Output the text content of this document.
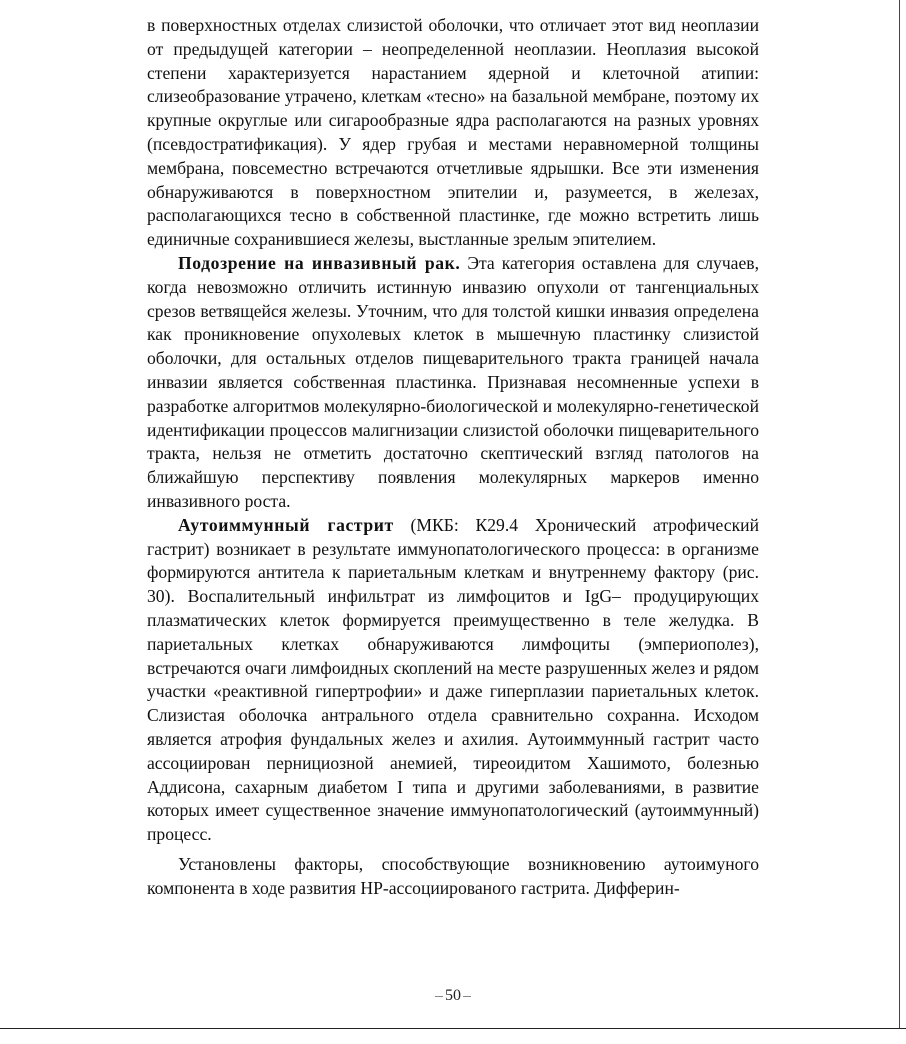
в поверхностных отделах слизистой оболочки, что отличает этот вид неоплазии от предыдущей категории – неопределенной неоплазии. Неоплазия высокой степени характеризуется нарастанием ядерной и клеточной атипии: слизеобразование утрачено, клеткам «тесно» на базальной мембране, поэтому их крупные округлые или сигарообразные ядра располагаются на разных уровнях (псевдостратификация). У ядер грубая и местами неравномерной толщины мембрана, повсеместно встречаются отчетливые ядрышки. Все эти изменения обнаруживаются в поверхностном эпителии и, разумеется, в железах, располагающихся тесно в собственной пластинке, где можно встретить лишь единичные сохранившиеся железы, выстланные зрелым эпителием.

Подозрение на инвазивный рак. Эта категория оставлена для случаев, когда невозможно отличить истинную инвазию опухоли от тангенциальных срезов ветвящейся железы. Уточним, что для толстой кишки инвазия определена как проникновение опухолевых клеток в мышечную пластинку слизистой оболочки, для остальных отделов пищеварительного тракта границей начала инвазии является собственная пластинка. Признавая несомненные успехи в разработке алгоритмов молекулярно-биологической и молекулярно-генетической идентификации процессов малигнизации слизистой оболочки пищеварительного тракта, нельзя не отметить достаточно скептический взгляд патологов на ближайшую перспективу появления молекулярных маркеров именно инвазивного роста.

Аутоиммунный гастрит (МКБ: К29.4 Хронический атрофический гастрит) возникает в результате иммунопатологического процесса: в организме формируются антитела к париетальным клеткам и внутреннему фактору (рис. 30). Воспалительный инфильтрат из лимфоцитов и IgG– продуцирующих плазматических клеток формируется преимущественно в теле желудка. В париетальных клетках обнаруживаются лимфоциты (эмпериополез), встречаются очаги лимфоидных скоплений на месте разрушенных желез и рядом участки «реактивной гипертрофии» и даже гиперплазии париетальных клеток. Слизистая оболочка антрального отдела сравнительно сохранна. Исходом является атрофия фундальных желез и ахилия. Аутоиммунный гастрит часто ассоциирован пернициозной анемией, тиреоидитом Хашимото, болезнью Аддисона, сахарным диабетом I типа и другими заболеваниями, в развитие которых имеет существенное значение иммунопатологический (аутоиммунный) процесс.

Установлены факторы, способствующие возникновению аутоимуного компонента в ходе развития НР-ассоциированого гастрита. Дифферин-

50
